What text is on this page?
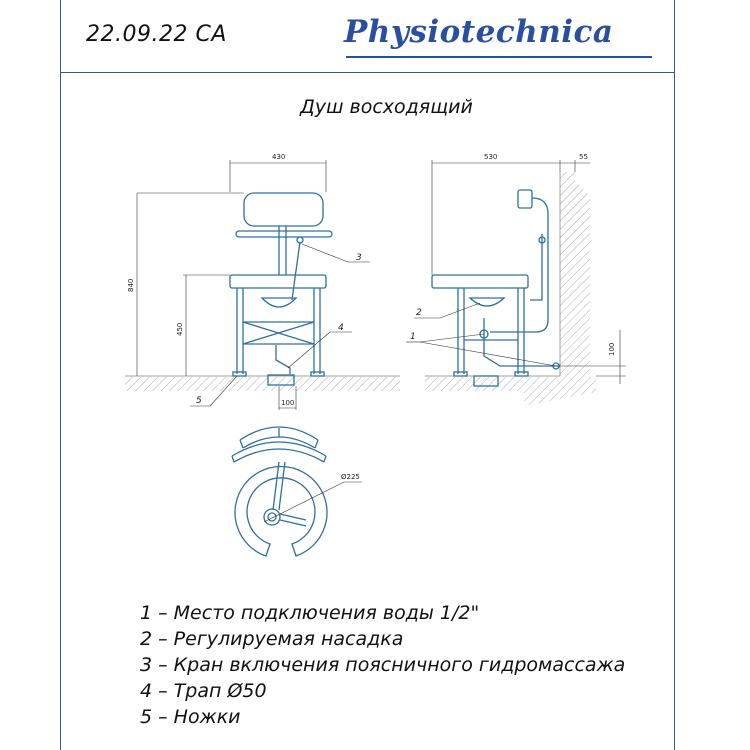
22.09.22 CA	Physiotechnica
Душ восходящий
430
840
450
100
3
4
5
530	55
100
2
1
Ø225
1 – Место подключения воды 1/2"
2 – Регулируемая насадка
3 – Кран включения поясничного гидромассажа
4 – Трап Ø50
5 – Ножки
